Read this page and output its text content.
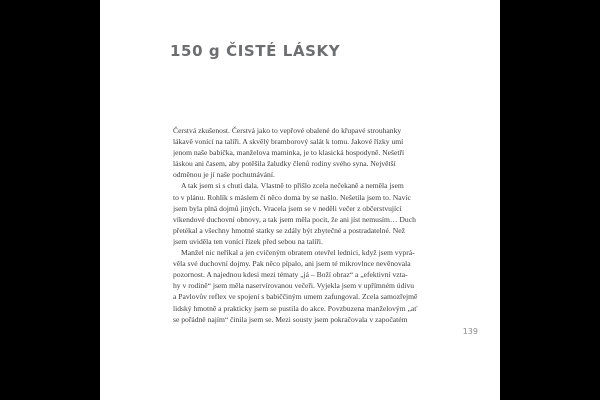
150 g ČISTÉ LÁSKY
Čerstvá zkušenost. Čerstvá jako to vepřové obalené do křupavé strouhanky
lákavě vonící na talíři. A skvělý bramborový salát k tomu. Jakové řízky umí
jenom naše babička, manželova maminka, je to klasická hospodyně. Nešetří
láskou ani časem, aby potěšila žaludky členů rodiny svého syna. Největší
odměnou je jí naše pochutnávání.
A tak jsem si s chutí dala. Vlastně to přišlo zcela nečekaně a neměla jsem
to v plánu. Rohlík s máslem či něco doma by se našlo. Nešetila jsem to. Navíc
jsem byla plná dojmů jiných. Vracela jsem se v neděli večer z občerstvující
víkendové duchovní obnovy, a tak jsem měla pocit, že ani jíst nemusím… Duch
přetékal a všechny hmotné statky se zdály být zbytečné a postradatelné. Než
jsem uviděla ten vonící řízek před sebou na talíři.
Manžel nic neříkal a jen cvičeným obratem otevřel lednici, když jsem vyprá-
věla své duchovní dojmy. Pak něco pípalo, ani jsem té mikrovlnce nevěnovala
pozornost. A najednou kdesi mezi tématy „já – Boží obraz“ a „efektivní vzta-
hy v rodině“ jsem měla naservírovanou večeři. Vyjekla jsem v upřímném údivu
a Pavlovův reflex ve spojení s babiččiným umem zafungoval. Zcela samozřejmě
lidský hmotně a prakticky jsem se pustila do akce. Povzbuzena manželovým „ať
se pořádně najím“ činila jsem se. Mezi sousty jsem pokračovala v započatém
139
